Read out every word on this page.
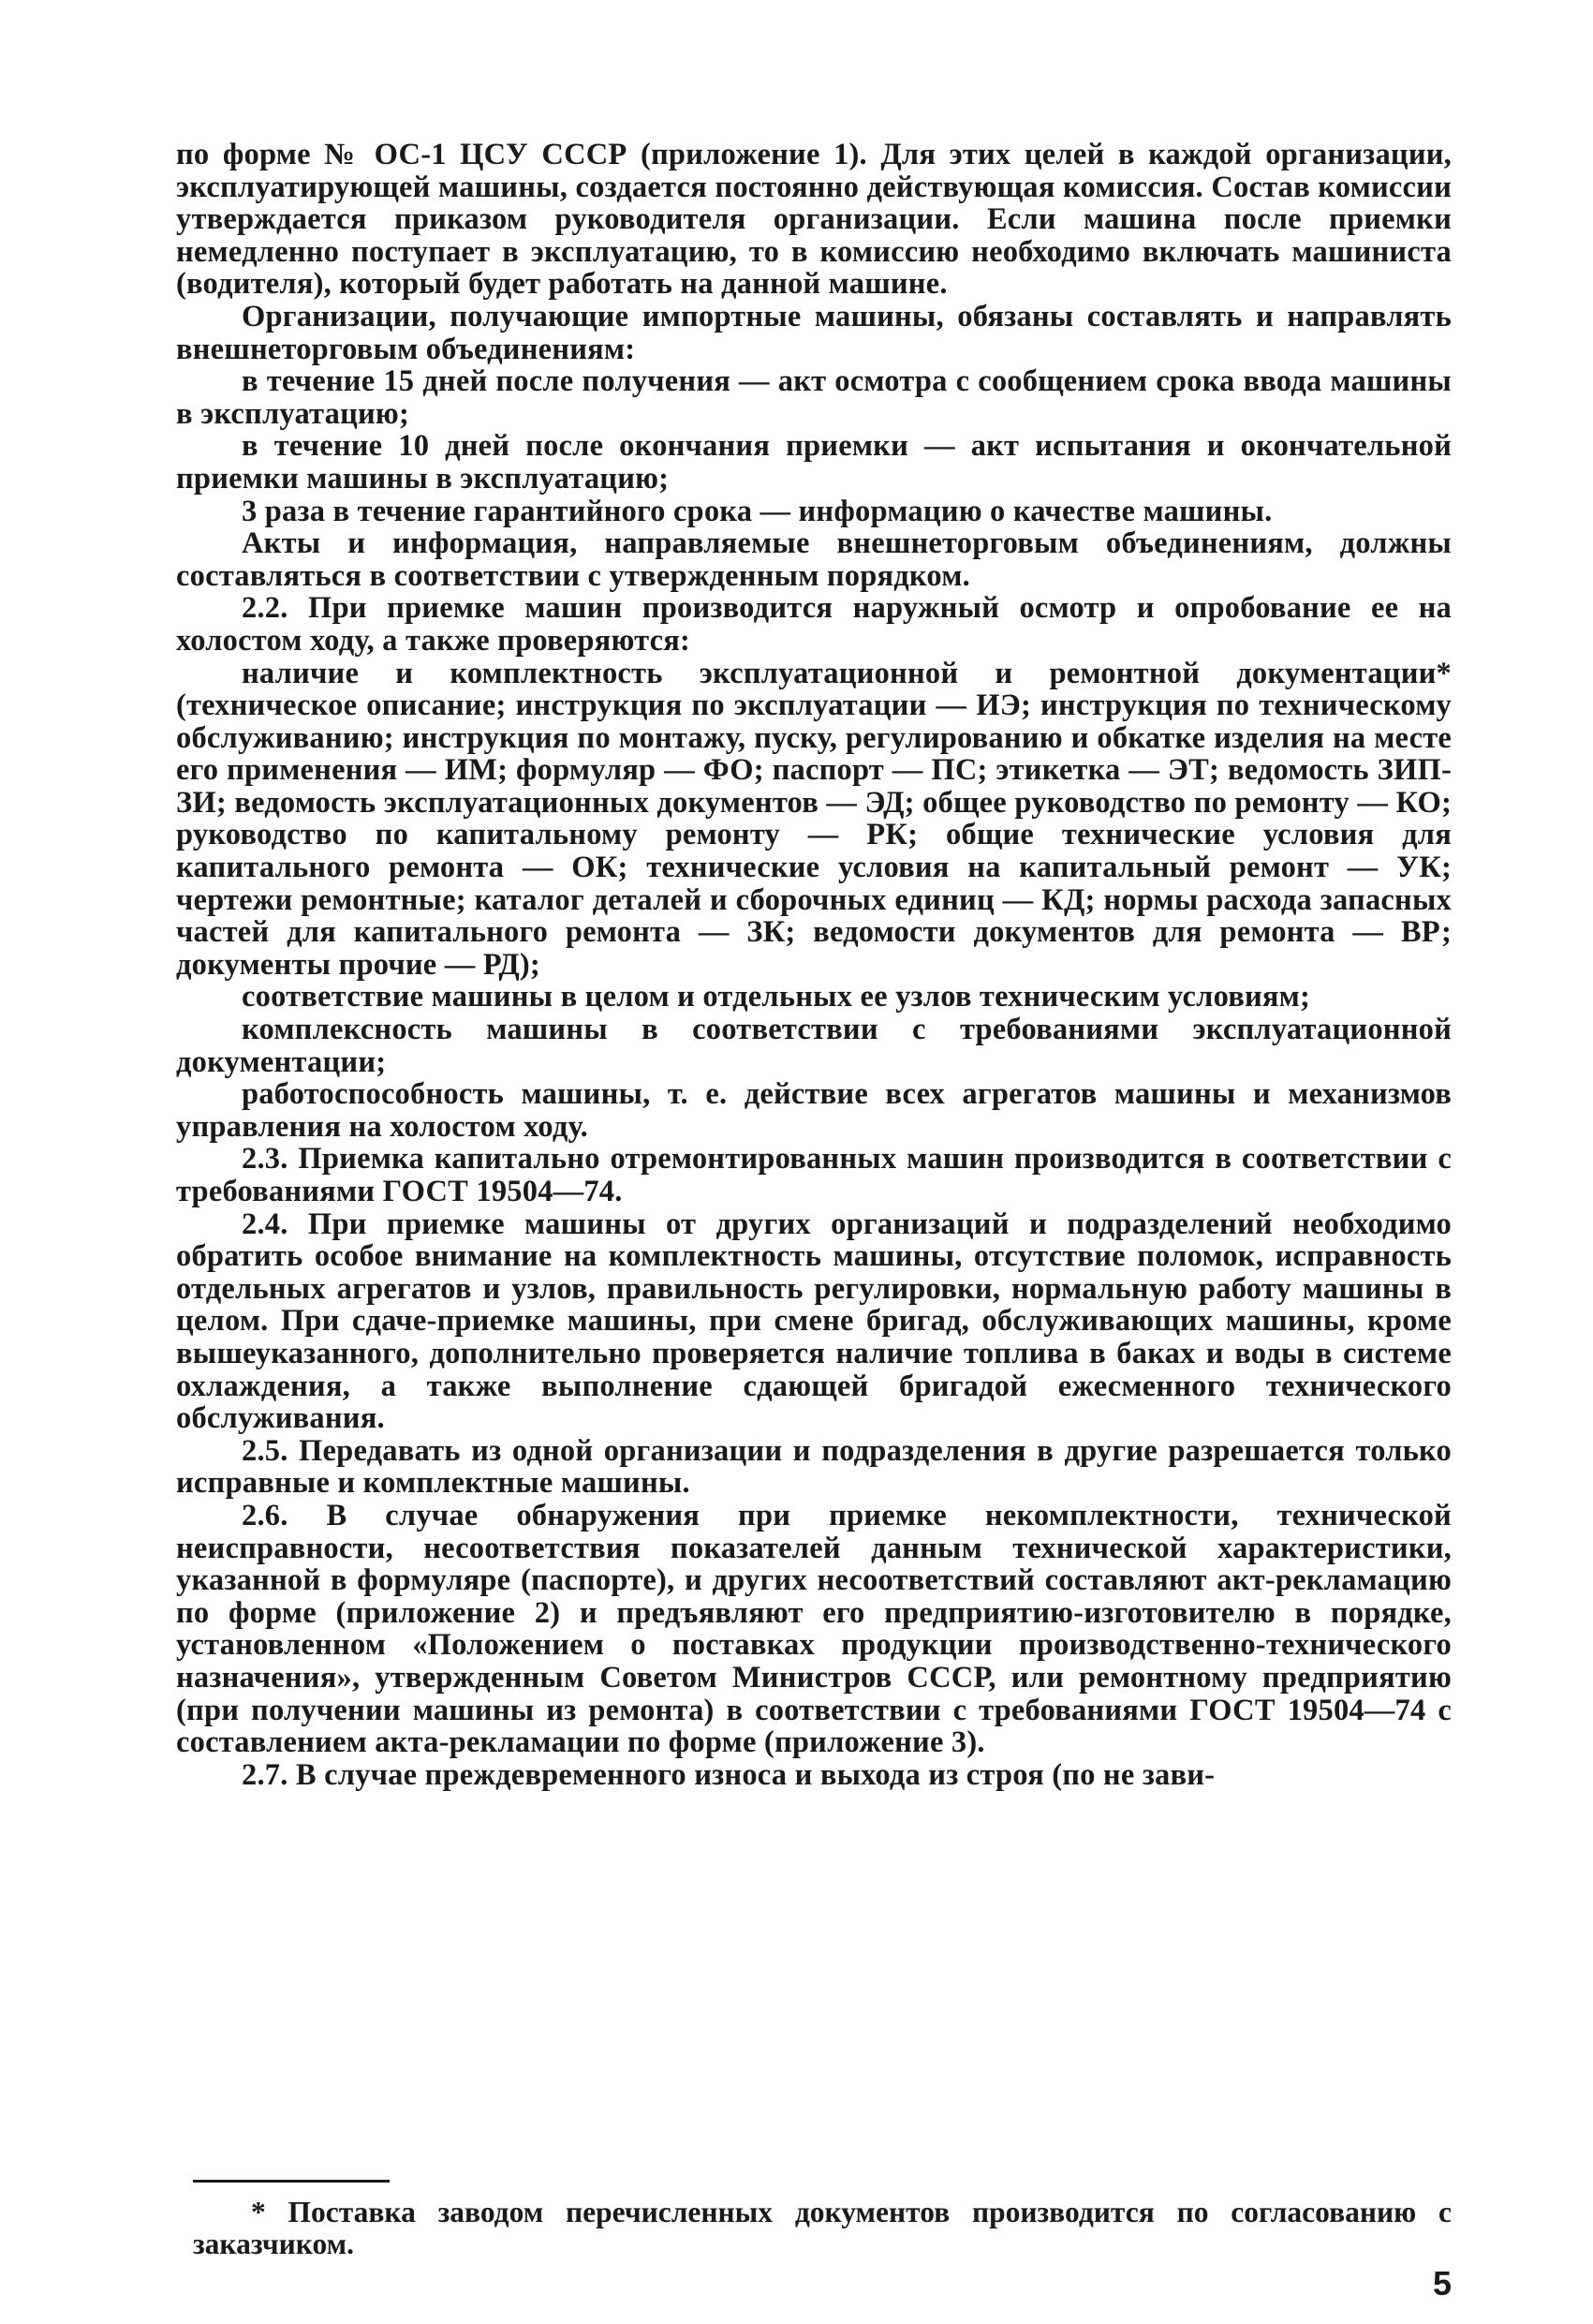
по форме № ОС-1 ЦСУ СССР (приложение 1). Для этих целей в каждой организации, эксплуатирующей машины, создается постоянно действующая комиссия. Состав комиссии утверждается приказом руководителя организации. Если машина после приемки немедленно поступает в эксплуатацию, то в комиссию необходимо включать машиниста (водителя), который будет работать на данной машине.

Организации, получающие импортные машины, обязаны составлять и направлять внешнеторговым объединениям:

в течение 15 дней после получения — акт осмотра с сообщением срока ввода машины в эксплуатацию;

в течение 10 дней после окончания приемки — акт испытания и окончательной приемки машины в эксплуатацию;

3 раза в течение гарантийного срока — информацию о качестве машины.

Акты и информация, направляемые внешнеторговым объединениям, должны составляться в соответствии с утвержденным порядком.

2.2. При приемке машин производится наружный осмотр и опробование ее на холостом ходу, а также проверяются:

наличие и комплектность эксплуатационной и ремонтной документации* (техническое описание; инструкция по эксплуатации — ИЭ; инструкция по техническому обслуживанию; инструкция по монтажу, пуску, регулированию и обкатке изделия на месте его применения — ИМ; формуляр — ФО; паспорт — ПС; этикетка — ЭТ; ведомость ЗИП-ЗИ; ведомость эксплуатационных документов — ЭД; общее руководство по ремонту — КО; руководство по капитальному ремонту — РК; общие технические условия для капитального ремонта — ОК; технические условия на капитальный ремонт — УК; чертежи ремонтные; каталог деталей и сборочных единиц — КД; нормы расхода запасных частей для капитального ремонта — ЗК; ведомости документов для ремонта — ВР; документы прочие — РД);

соответствие машины в целом и отдельных ее узлов техническим условиям;

комплексность машины в соответствии с требованиями эксплуатационной документации;

работоспособность машины, т. е. действие всех агрегатов машины и механизмов управления на холостом ходу.

2.3. Приемка капитально отремонтированных машин производится в соответствии с требованиями ГОСТ 19504—74.

2.4. При приемке машины от других организаций и подразделений необходимо обратить особое внимание на комплектность машины, отсутствие поломок, исправность отдельных агрегатов и узлов, правильность регулировки, нормальную работу машины в целом. При сдаче-приемке машины, при смене бригад, обслуживающих машины, кроме вышеуказанного, дополнительно проверяется наличие топлива в баках и воды в системе охлаждения, а также выполнение сдающей бригадой ежесменного технического обслуживания.

2.5. Передавать из одной организации и подразделения в другие разрешается только исправные и комплектные машины.

2.6. В случае обнаружения при приемке некомплектности, технической неисправности, несоответствия показателей данным технической характеристики, указанной в формуляре (паспорте), и других несоответствий составляют акт-рекламацию по форме (приложение 2) и предъявляют его предприятию-изготовителю в порядке, установленном «Положением о поставках продукции производственно-технического назначения», утвержденным Советом Министров СССР, или ремонтному предприятию (при получении машины из ремонта) в соответствии с требованиями ГОСТ 19504—74 с составлением акта-рекламации по форме (приложение 3).

2.7. В случае преждевременного износа и выхода из строя (по не зави-

* Поставка заводом перечисленных документов производится по согласованию с заказчиком.

5
